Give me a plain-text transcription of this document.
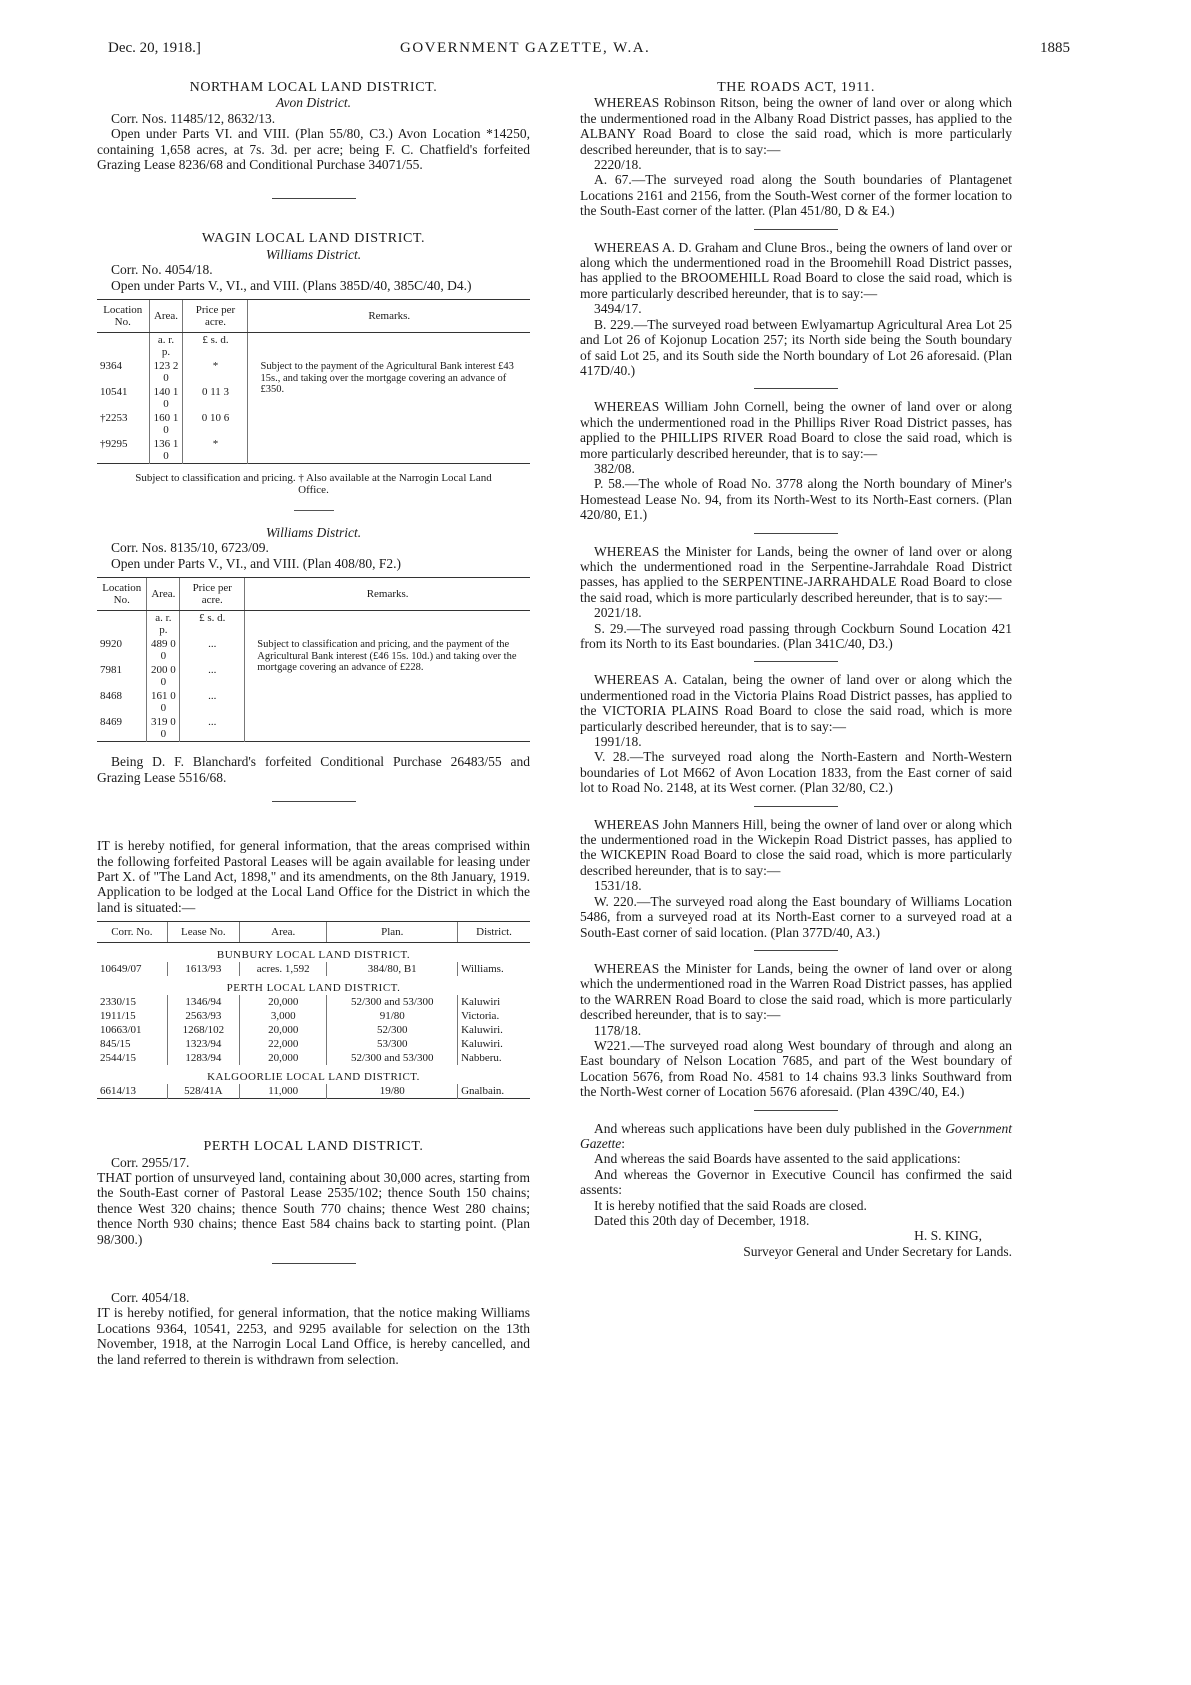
Dec. 20, 1918.]	GOVERNMENT GAZETTE, W.A.	1885

NORTHAM LOCAL LAND DISTRICT.

Avon District.

Corr. Nos. 11485/12, 8632/13.

Open under Parts VI. and VIII. (Plan 55/80, C3.) Avon Location *14250, containing 1,658 acres, at 7s. 3d. per acre; being F. C. Chatfield's forfeited Grazing Lease 8236/68 and Conditional Purchase 34071/55.

WAGIN LOCAL LAND DISTRICT.

Williams District.

Corr. No. 4054/18.

Open under Parts V., VI., and VIII. (Plans 385D/40, 385C/40, D4.)

Location No.	Area.	Price per acre.	Remarks.
	a. r. p.	£ s. d.	
9364	123 2 0	*	Subject to the payment of the Agricultural Bank interest £43 15s., and taking over the mortgage covering an advance of £350.
10541	140 1 0	0 11 3	
†2253	160 1 0	0 10 6	
†9295	136 1 0	*	

Subject to classification and pricing. † Also available at the Narrogin Local Land Office.

Williams District.

Corr. Nos. 8135/10, 6723/09.

Open under Parts V., VI., and VIII. (Plan 408/80, F2.)

Location No.	Area.	Price per acre.	Remarks.
	a. r. p.	£ s. d.	
9920	489 0 0	...	Subject to classification and pricing, and the payment of the Agricultural Bank interest (£46 15s. 10d.) and taking over the mortgage covering an advance of £228.
7981	200 0 0	...	
8468	161 0 0	...	
8469	319 0 0	...	

Being D. F. Blanchard's forfeited Conditional Purchase 26483/55 and Grazing Lease 5516/68.

IT is hereby notified, for general information, that the areas comprised within the following forfeited Pastoral Leases will be again available for leasing under Part X. of "The Land Act, 1898," and its amendments, on the 8th January, 1919. Application to be lodged at the Local Land Office for the District in which the land is situated:—

Corr. No.	Lease No.	Area.	Plan.	District.
BUNBURY LOCAL LAND DISTRICT.				
10649/07	1613/93	acres. 1,592	384/80, B1	Williams.
PERTH LOCAL LAND DISTRICT.				
2330/15	1346/94	20,000	52/300 and 53/300	Kaluwiri
1911/15	2563/93	3,000	91/80	Victoria.
10663/01	1268/102	20,000	52/300	Kaluwiri.
845/15	1323/94	22,000	53/300	Kaluwiri.
2544/15	1283/94	20,000	52/300 and 53/300	Nabberu.
KALGOORLIE LOCAL LAND DISTRICT.				
6614/13	528/41A	11,000	19/80	Gnalbain.

PERTH LOCAL LAND DISTRICT.

Corr. 2955/17.

THAT portion of unsurveyed land, containing about 30,000 acres, starting from the South-East corner of Pastoral Lease 2535/102; thence South 150 chains; thence West 320 chains; thence South 770 chains; thence West 280 chains; thence North 930 chains; thence East 584 chains back to starting point. (Plan 98/300.)

Corr. 4054/18.

IT is hereby notified, for general information, that the notice making Williams Locations 9364, 10541, 2253, and 9295 available for selection on the 13th November, 1918, at the Narrogin Local Land Office, is hereby cancelled, and the land referred to therein is withdrawn from selection.

THE ROADS ACT, 1911.

WHEREAS Robinson Ritson, being the owner of land over or along which the undermentioned road in the Albany Road District passes, has applied to the ALBANY Road Board to close the said road, which is more particularly described hereunder, that is to say:—

2220/18.

A. 67.—The surveyed road along the South boundaries of Plantagenet Locations 2161 and 2156, from the South-West corner of the former location to the South-East corner of the latter. (Plan 451/80, D & E4.)

WHEREAS A. D. Graham and Clune Bros., being the owners of land over or along which the undermentioned road in the Broomehill Road District passes, has applied to the BROOMEHILL Road Board to close the said road, which is more particularly described hereunder, that is to say:—

3494/17.

B. 229.—The surveyed road between Ewlyamartup Agricultural Area Lot 25 and Lot 26 of Kojonup Location 257; its North side being the South boundary of said Lot 25, and its South side the North boundary of Lot 26 aforesaid. (Plan 417D/40.)

WHEREAS William John Cornell, being the owner of land over or along which the undermentioned road in the Phillips River Road District passes, has applied to the PHILLIPS RIVER Road Board to close the said road, which is more particularly described hereunder, that is to say:—

382/08.

P. 58.—The whole of Road No. 3778 along the North boundary of Miner's Homestead Lease No. 94, from its North-West to its North-East corners. (Plan 420/80, E1.)

WHEREAS the Minister for Lands, being the owner of land over or along which the undermentioned road in the Serpentine-Jarrahdale Road District passes, has applied to the SERPENTINE-JARRAHDALE Road Board to close the said road, which is more particularly described hereunder, that is to say:—

2021/18.

S. 29.—The surveyed road passing through Cockburn Sound Location 421 from its North to its East boundaries. (Plan 341C/40, D3.)

WHEREAS A. Catalan, being the owner of land over or along which the undermentioned road in the Victoria Plains Road District passes, has applied to the VICTORIA PLAINS Road Board to close the said road, which is more particularly described hereunder, that is to say:—

1991/18.

V. 28.—The surveyed road along the North-Eastern and North-Western boundaries of Lot M662 of Avon Location 1833, from the East corner of said lot to Road No. 2148, at its West corner. (Plan 32/80, C2.)

WHEREAS John Manners Hill, being the owner of land over or along which the undermentioned road in the Wickepin Road District passes, has applied to the WICKEPIN Road Board to close the said road, which is more particularly described hereunder, that is to say:—

1531/18.

W. 220.—The surveyed road along the East boundary of Williams Location 5486, from a surveyed road at its North-East corner to a surveyed road at a South-East corner of said location. (Plan 377D/40, A3.)

WHEREAS the Minister for Lands, being the owner of land over or along which the undermentioned road in the Warren Road District passes, has applied to the WARREN Road Board to close the said road, which is more particularly described hereunder, that is to say:—

1178/18.

W221.—The surveyed road along West boundary of through and along an East boundary of Nelson Location 7685, and part of the West boundary of Location 5676, from Road No. 4581 to 14 chains 93.3 links Southward from the North-West corner of Location 5676 aforesaid. (Plan 439C/40, E4.)

And whereas such applications have been duly published in the Government Gazette:

And whereas the said Boards have assented to the said applications:

And whereas the Governor in Executive Council has confirmed the said assents:

It is hereby notified that the said Roads are closed.

Dated this 20th day of December, 1918.

H. S. KING,

Surveyor General and Under Secretary for Lands.
